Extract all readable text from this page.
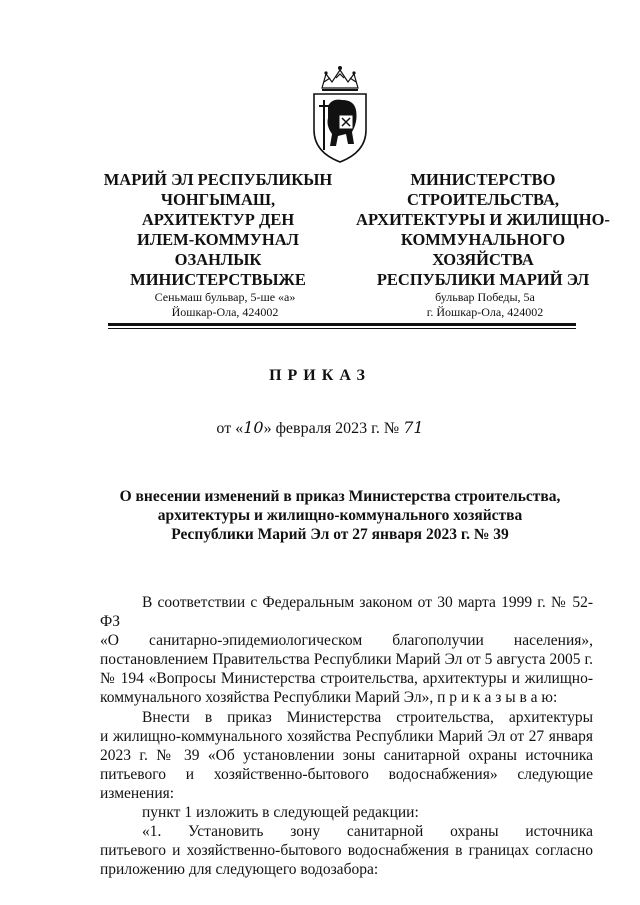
МАРИЙ ЭЛ РЕСПУБЛИКЫН
ЧОНГЫМАШ,
АРХИТЕКТУР ДЕН
ИЛЕМ-КОММУНАЛ
ОЗАНЛЫК
МИНИСТЕРСТВЫЖЕ
МИНИСТЕРСТВО
СТРОИТЕЛЬСТВА,
АРХИТЕКТУРЫ И ЖИЛИЩНО-
КОММУНАЛЬНОГО
ХОЗЯЙСТВА
РЕСПУБЛИКИ МАРИЙ ЭЛ
Сеньмаш бульвар, 5-ше «а»
Йошкар-Ола, 424002
бульвар Победы, 5а
г. Йошкар-Ола, 424002
ПРИКАЗ
от «10» февраля 2023 г. № 71
О внесении изменений в приказ Министерства строительства,
архитектуры и жилищно-коммунального хозяйства
Республики Марий Эл от 27 января 2023 г. № 39

В соответствии с Федеральным законом от 30 марта 1999 г. № 52-ФЗ

«О санитарно-эпидемиологическом благополучии населения»,

постановлением Правительства Республики Марий Эл от 5 августа 2005 г.

№ 194 «Вопросы Министерства строительства, архитектуры и жилищно-

коммунального хозяйства Республики Марий Эл», п р и к а з ы в а ю:

Внести в приказ Министерства строительства, архитектуры

и жилищно-коммунального хозяйства Республики Марий Эл от 27 января

2023 г. № 39 «Об установлении зоны санитарной охраны источника

питьевого и хозяйственно-бытового водоснабжения» следующие

изменения:

пункт 1 изложить в следующей редакции:

«1. Установить зону санитарной охраны источника

питьевого и хозяйственно-бытового водоснабжения в границах согласно

приложению для следующего водозабора:
